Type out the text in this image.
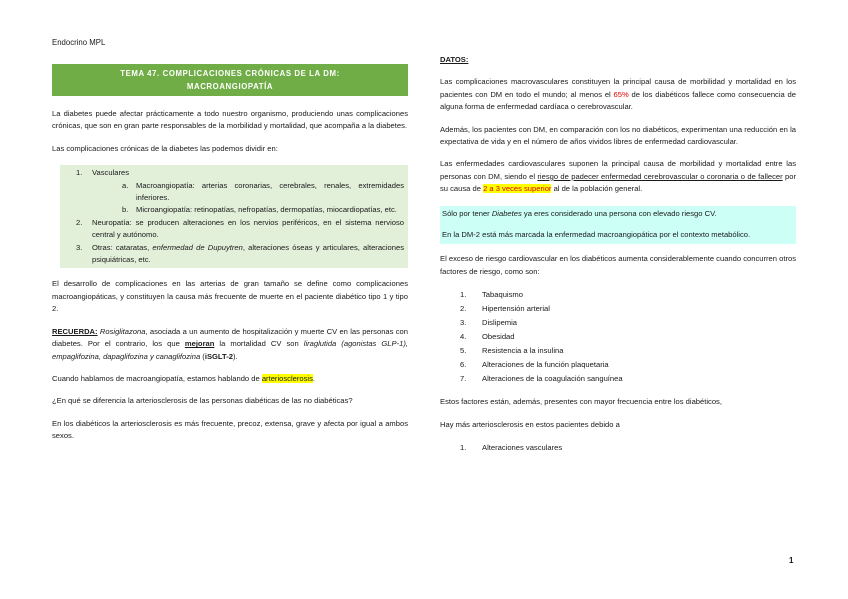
Endocrino MPL
TEMA 47. COMPLICACIONES CRÓNICAS DE LA DM:
MACROANGIOPATÍA

La diabetes puede afectar prácticamente a todo nuestro organismo, produciendo unas complicaciones crónicas, que son en gran parte responsables de la morbilidad y mortalidad, que acompaña a la diabetes.

Las complicaciones crónicas de la diabetes las podemos dividir en:

1.	Vasculares
a.	Macroangiopatía: arterias coronarias, cerebrales, renales, extremidades inferiores.
b.	Microangiopatía: retinopatías, nefropatías, dermopatías, miocardiopatías, etc.
2.	Neuropatía: se producen alteraciones en los nervios periféricos, en el sistema nervioso central y autónomo.
3.	Otras: cataratas, enfermedad de Dupuytren, alteraciones óseas y articulares, alteraciones psiquiátricas, etc.

El desarrollo de complicaciones en las arterias de gran tamaño se define como complicaciones macroangiopáticas, y constituyen la causa más frecuente de muerte en el paciente diabético tipo 1 y tipo 2.

RECUERDA: Rosiglitazona, asociada a un aumento de hospitalización y muerte CV en las personas con diabetes. Por el contrario, los que mejoran la mortalidad CV son liraglutida (agonistas GLP-1), empaglifozina, dapaglifozina y canaglifozina (iSGLT-2).

Cuando hablamos de macroangiopatía, estamos hablando de arteriosclerosis.

¿En qué se diferencia la arteriosclerosis de las personas diabéticas de las no diabéticas?

En los diabéticos la arteriosclerosis es más frecuente, precoz, extensa, grave y afecta por igual a ambos sexos.

DATOS:

Las complicaciones macrovasculares constituyen la principal causa de morbilidad y mortalidad en los pacientes con DM en todo el mundo; al menos el 65% de los diabéticos fallece como consecuencia de alguna forma de enfermedad cardíaca o cerebrovascular.

Además, los pacientes con DM, en comparación con los no diabéticos, experimentan una reducción en la expectativa de vida y en el número de años vividos libres de enfermedad cardiovascular.

Las enfermedades cardiovasculares suponen la principal causa de morbilidad y mortalidad entre las personas con DM, siendo el riesgo de padecer enfermedad cerebrovascular o coronaria o de fallecer por su causa de 2 a 3 veces superior al de la población general.

Sólo por tener Diabetes ya eres considerado una persona con elevado riesgo CV.

En la DM-2 está más marcada la enfermedad macroangiopática por el contexto metabólico.

El exceso de riesgo cardiovascular en los diabéticos aumenta considerablemente cuando concurren otros factores de riesgo, como son:

1.	Tabaquismo
2.	Hipertensión arterial
3.	Dislipemia
4.	Obesidad
5.	Resistencia a la insulina
6.	Alteraciones de la función plaquetaria
7.	Alteraciones de la coagulación sanguínea

Estos factores están, además, presentes con mayor frecuencia entre los diabéticos,

Hay más arteriosclerosis en estos pacientes debido a

1.	Alteraciones vasculares
1
